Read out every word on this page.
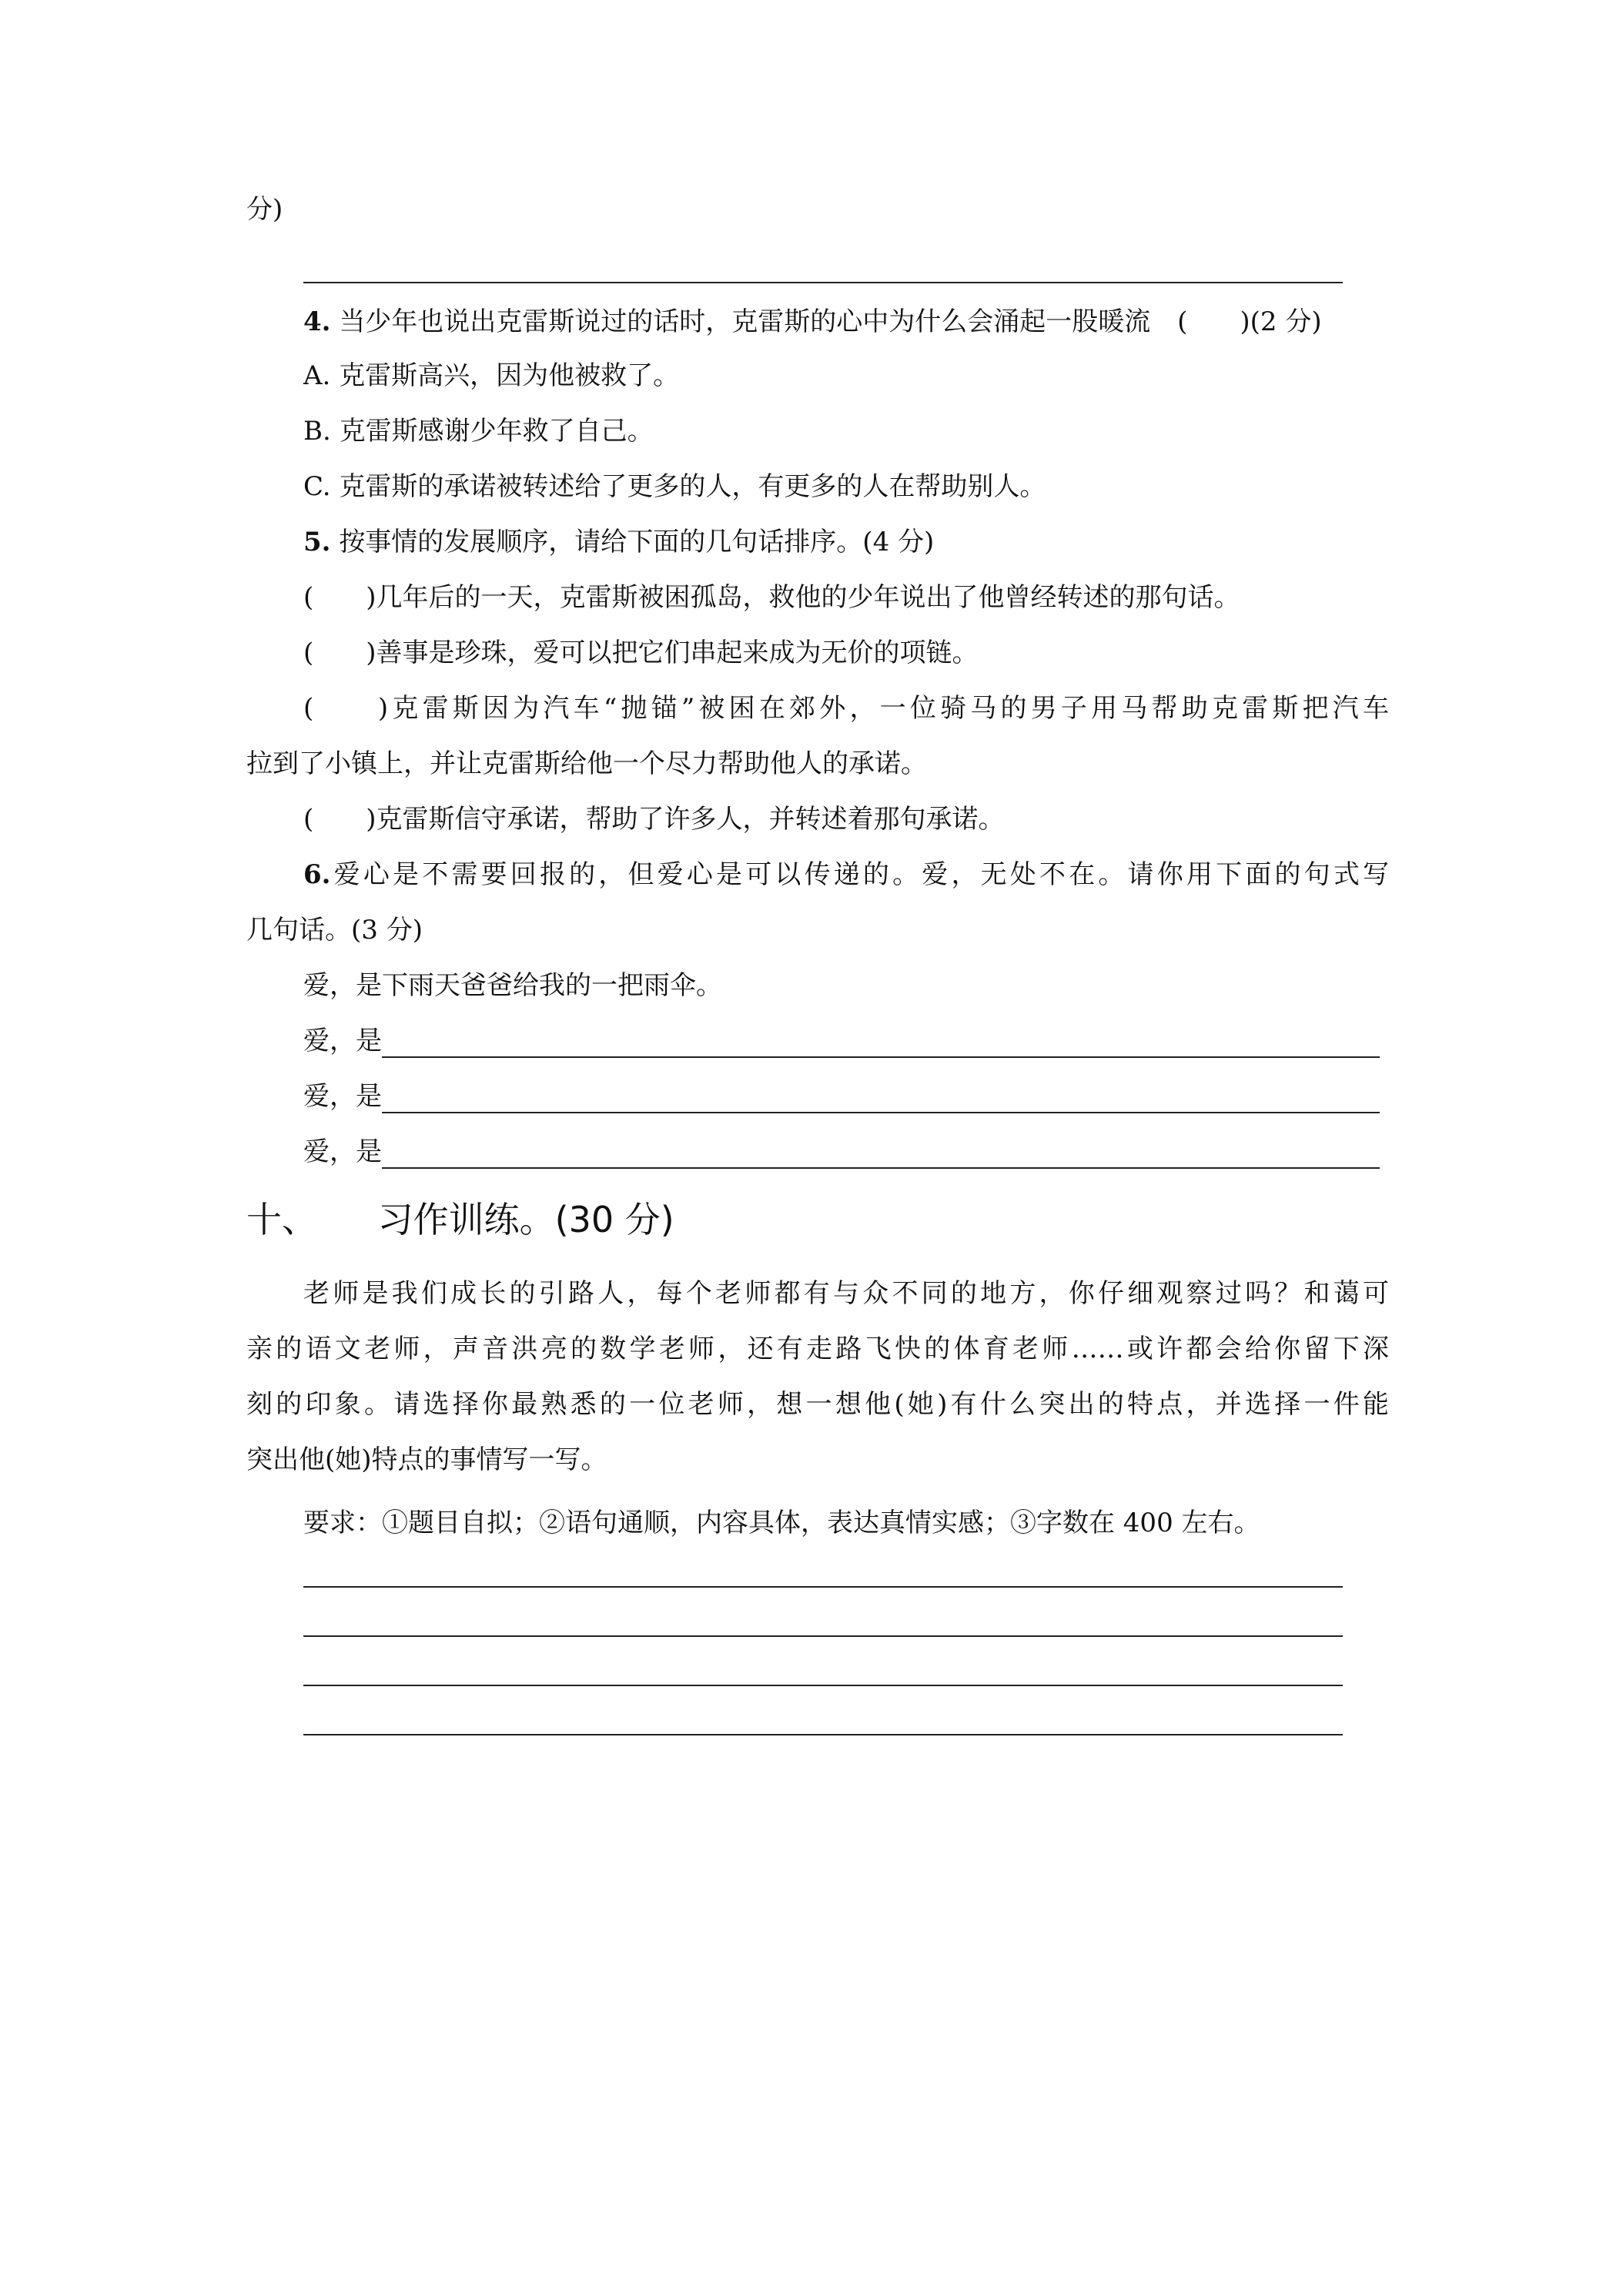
分)
4. 当少年也说出克雷斯说过的话时，克雷斯的心中为什么会涌起一股暖流 (　　)(2 分)
A. 克雷斯高兴，因为他被救了。
B. 克雷斯感谢少年救了自己。
C. 克雷斯的承诺被转述给了更多的人，有更多的人在帮助别人。
5. 按事情的发展顺序，请给下面的几句话排序。(4 分)
(　　)几年后的一天，克雷斯被困孤岛，救他的少年说出了他曾经转述的那句话。
(　　)善事是珍珠，爱可以把它们串起来成为无价的项链。
(　　)克雷斯因为汽车“抛锚”被困在郊外，一位骑马的男子用马帮助克雷斯把汽车
拉到了小镇上，并让克雷斯给他一个尽力帮助他人的承诺。
(　　)克雷斯信守承诺，帮助了许多人，并转述着那句承诺。
6.爱心是不需要回报的，但爱心是可以传递的。爱，无处不在。请你用下面的句式写
几句话。(3 分)
爱，是下雨天爸爸给我的一把雨伞。
爱，是
爱，是
爱，是
十、 习作训练。(30 分)
老师是我们成长的引路人，每个老师都有与众不同的地方，你仔细观察过吗？和蔼可
亲的语文老师，声音洪亮的数学老师，还有走路飞快的体育老师……或许都会给你留下深
刻的印象。请选择你最熟悉的一位老师，想一想他(她)有什么突出的特点，并选择一件能
突出他(她)特点的事情写一写。
要求：①题目自拟；②语句通顺，内容具体，表达真情实感；③字数在 400 左右。
